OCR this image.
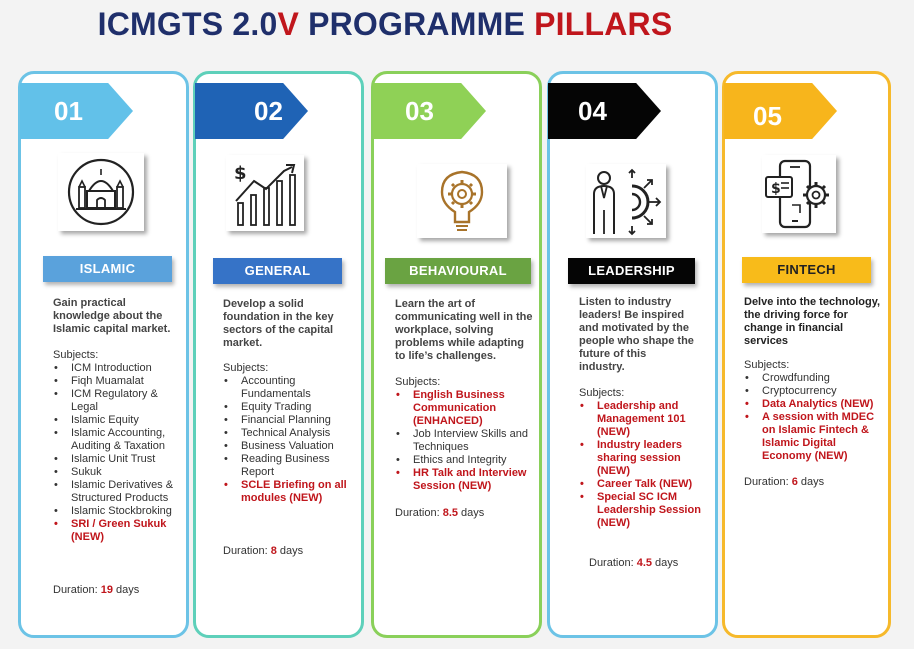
ICMGTS 2.0V PROGRAMME PILLARS
01
ISLAMIC
Gain practical knowledge about the Islamic capital market.
Subjects:
• ICM Introduction
• Fiqh Muamalat
• ICM Regulatory & Legal
• Islamic Equity
• Islamic Accounting, Auditing & Taxation
• Islamic Unit Trust
• Sukuk
• Islamic Derivatives & Structured Products
• Islamic Stockbroking
• SRI / Green Sukuk (NEW)
Duration: 19 days
02
$
GENERAL
Develop a solid foundation in the key sectors of the capital market.
Subjects:
• Accounting Fundamentals
• Equity Trading
• Financial Planning
• Technical Analysis
• Business Valuation
• Reading Business Report
• SCLE Briefing on all modules (NEW)
Duration: 8 days
03
BEHAVIOURAL
Learn the art of communicating well in the workplace, solving problems while adapting to life’s challenges.
Subjects:
• English Business Communication (ENHANCED)
• Job Interview Skills and Techniques
• Ethics and Integrity
• HR Talk and Interview Session (NEW)
Duration: 8.5 days
04
LEADERSHIP
Listen to industry leaders! Be inspired and motivated by the people who shape the future of this industry.
Subjects:
• Leadership and Management 101 (NEW)
• Industry leaders sharing session (NEW)
• Career Talk (NEW)
• Special SC ICM Leadership Session (NEW)
Duration: 4.5 days
05
$
FINTECH
Delve into the technology, the driving force for change in financial services
Subjects:
• Crowdfunding
• Cryptocurrency
• Data Analytics (NEW)
• A session with MDEC on Islamic Fintech & Islamic Digital Economy (NEW)
Duration: 6 days
